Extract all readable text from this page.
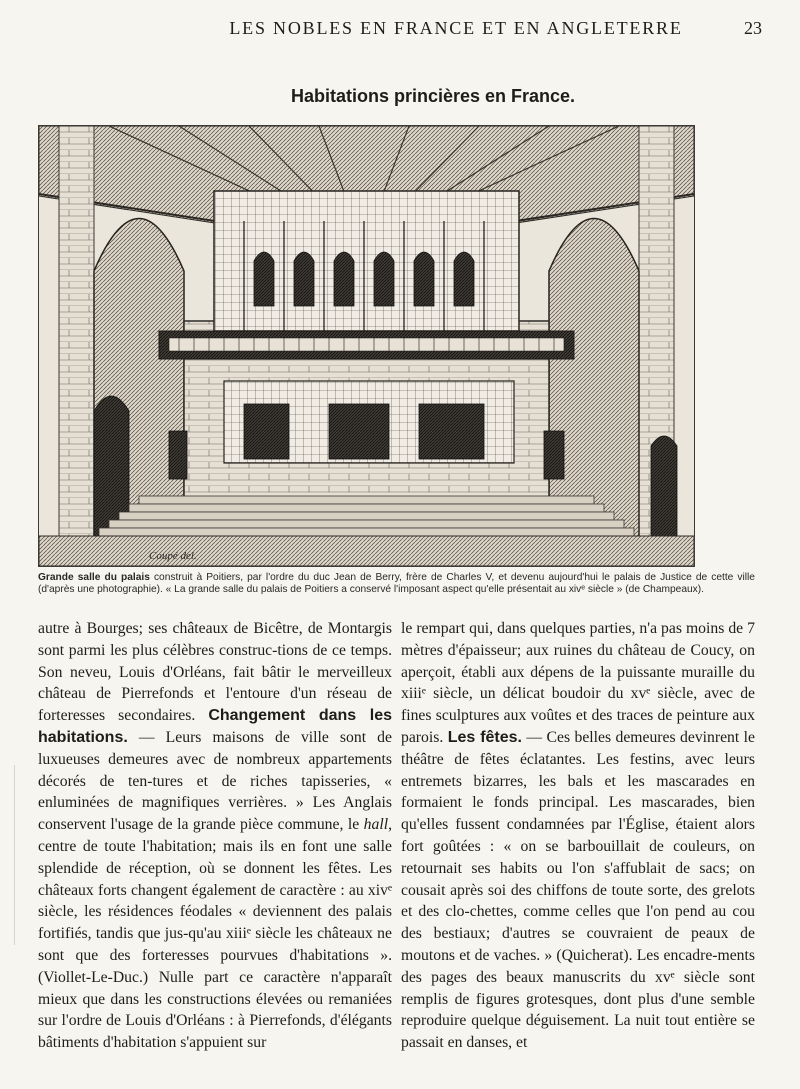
LES NOBLES EN FRANCE ET EN ANGLETERRE	23
Habitations princières en France.
Coupé del.
Grande salle du palais construit à Poitiers, par l'ordre du duc Jean de Berry, frère de Charles V, et devenu aujourd'hui le palais de Justice de cette ville (d'après une photographie). « La grande salle du palais de Poitiers a conservé l'imposant aspect qu'elle présentait au xivᵉ siècle » (de Champeaux).

autre à Bourges; ses châteaux de Bicêtre, de Montargis sont parmi les plus célèbres construc-tions de ce temps. Son neveu, Louis d'Orléans, fait bâtir le merveilleux château de Pierrefonds et l'entoure d'un réseau de forteresses secondaires. Changement dans les habitations. — Leurs maisons de ville sont de luxueuses demeures avec de nombreux appartements décorés de ten-tures et de riches tapisseries, « enluminées de magnifiques verrières. » Les Anglais conservent l'usage de la grande pièce commune, le hall, centre de toute l'habitation; mais ils en font une salle splendide de réception, où se donnent les fêtes. Les châteaux forts changent également de caractère : au xivᵉ siècle, les résidences féodales « deviennent des palais fortifiés, tandis que jus-qu'au xiiiᵉ siècle les châteaux ne sont que des forteresses pourvues d'habitations ». (Viollet-Le-Duc.) Nulle part ce caractère n'apparaît mieux que dans les constructions élevées ou remaniées sur l'ordre de Louis d'Orléans : à Pierrefonds, d'élégants bâtiments d'habitation s'appuient sur

le rempart qui, dans quelques parties, n'a pas moins de 7 mètres d'épaisseur; aux ruines du château de Coucy, on aperçoit, établi aux dépens de la puissante muraille du xiiiᵉ siècle, un délicat boudoir du xvᵉ siècle, avec de fines sculptures aux voûtes et des traces de peinture aux parois. Les fêtes. — Ces belles demeures devinrent le théâtre de fêtes éclatantes. Les festins, avec leurs entremets bizarres, les bals et les mascarades en formaient le fonds principal. Les mascarades, bien qu'elles fussent condamnées par l'Église, étaient alors fort goûtées : « on se barbouillait de couleurs, on retournait ses habits ou l'on s'affublait de sacs; on cousait après soi des chiffons de toute sorte, des grelots et des clo-chettes, comme celles que l'on pend au cou des bestiaux; d'autres se couvraient de peaux de moutons et de vaches. » (Quicherat). Les encadre-ments des pages des beaux manuscrits du xvᵉ siècle sont remplis de figures grotesques, dont plus d'une semble reproduire quelque déguisement. La nuit tout entière se passait en danses, et
